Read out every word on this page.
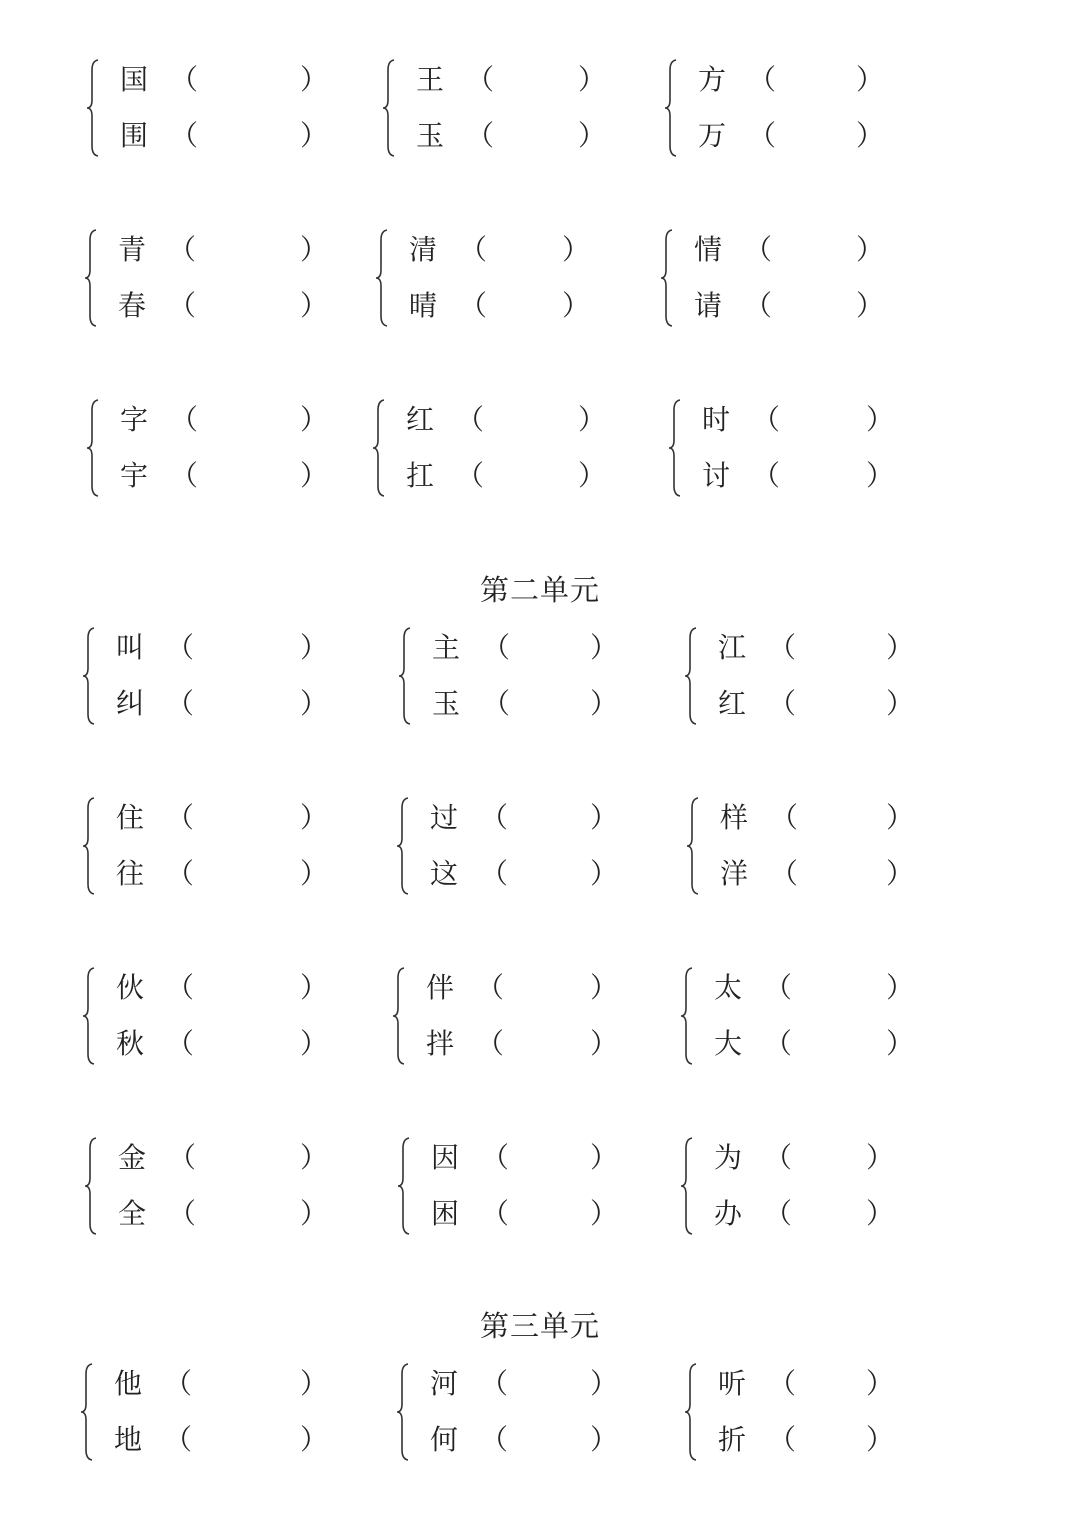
第二单元
第三单元
国 （	）
围 （	）
王 （	）
玉 （	）
方 （	）
万 （	）
青 （	）
春 （	）
清 （	）
晴 （	）
情 （	）
请 （	）
字 （	）
宇 （	）
红 （	）
扛 （	）
时 （	）
讨 （	）
叫 （	）
纠 （	）
主 （	）
玉 （	）
江 （	）
红 （	）
住 （	）
往 （	）
过 （	）
这 （	）
样 （	）
洋 （	）
伙 （	）
秋 （	）
伴 （	）
拌 （	）
太 （	）
大 （	）
金 （	）
全 （	）
因 （	）
困 （	）
为 （	）
办 （	）
他 （	）
地 （	）
河 （	）
何 （	）
听 （ ）
折 （ ）
